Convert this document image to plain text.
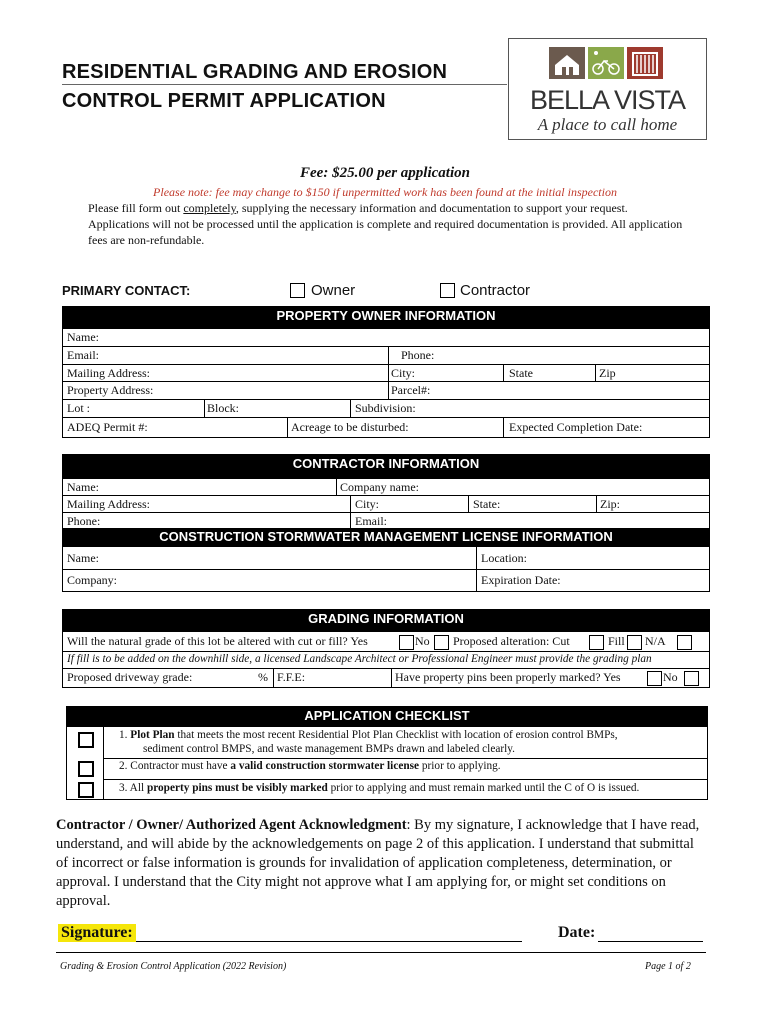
RESIDENTIAL GRADING AND EROSION
CONTROL PERMIT APPLICATION	BELLA VISTA
A place to call home
Fee: $25.00 per application
Please note: fee may change to $150 if unpermitted work has been found at the initial inspection
Please fill form out completely, supplying the necessary information and documentation to support your request. Applications will not be processed until the application is complete and required documentation is provided. All application fees are non-refundable.
PRIMARY CONTACT:	Owner	Contractor
PROPERTY OWNER INFORMATION
Name:
Email:	Phone:
Mailing Address:	City:	State	Zip
Property Address:	Parcel#:
Lot :	Block:	Subdivision:
ADEQ Permit #:	Acreage to be disturbed:	Expected Completion Date:
CONTRACTOR INFORMATION
Name:	Company name:
Mailing Address:	City:	State:	Zip:
Phone:	Email:
CONSTRUCTION STORMWATER MANAGEMENT LICENSE INFORMATION
Name:	Location:
Company:	Expiration Date:
GRADING INFORMATION
Will the natural grade of this lot be altered with cut or fill? Yes	No Proposed alteration: Cut	Fill N/A
If fill is to be added on the downhill side, a licensed Landscape Architect or Professional Engineer must provide the grading plan
Proposed driveway grade:	% F.F.E:	Have property pins been properly marked? Yes	No
APPLICATION CHECKLIST
1. Plot Plan that meets the most recent Residential Plot Plan Checklist with location of erosion control BMPs,
sediment control BMPS, and waste management BMPs drawn and labeled clearly.
2. Contractor must have a valid construction stormwater license prior to applying.
3. All property pins must be visibly marked prior to applying and must remain marked until the C of O is issued.
Contractor / Owner/ Authorized Agent Acknowledgment: By my signature, I acknowledge that I have read, understand, and will abide by the acknowledgements on page 2 of this application. I understand that submittal of incorrect or false information is grounds for invalidation of application completeness, determination, or approval. I understand that the City might not approve what I am applying for, or might set conditions on approval.
Signature:	Date:
Grading & Erosion Control Application (2022 Revision)	Page 1 of 2
